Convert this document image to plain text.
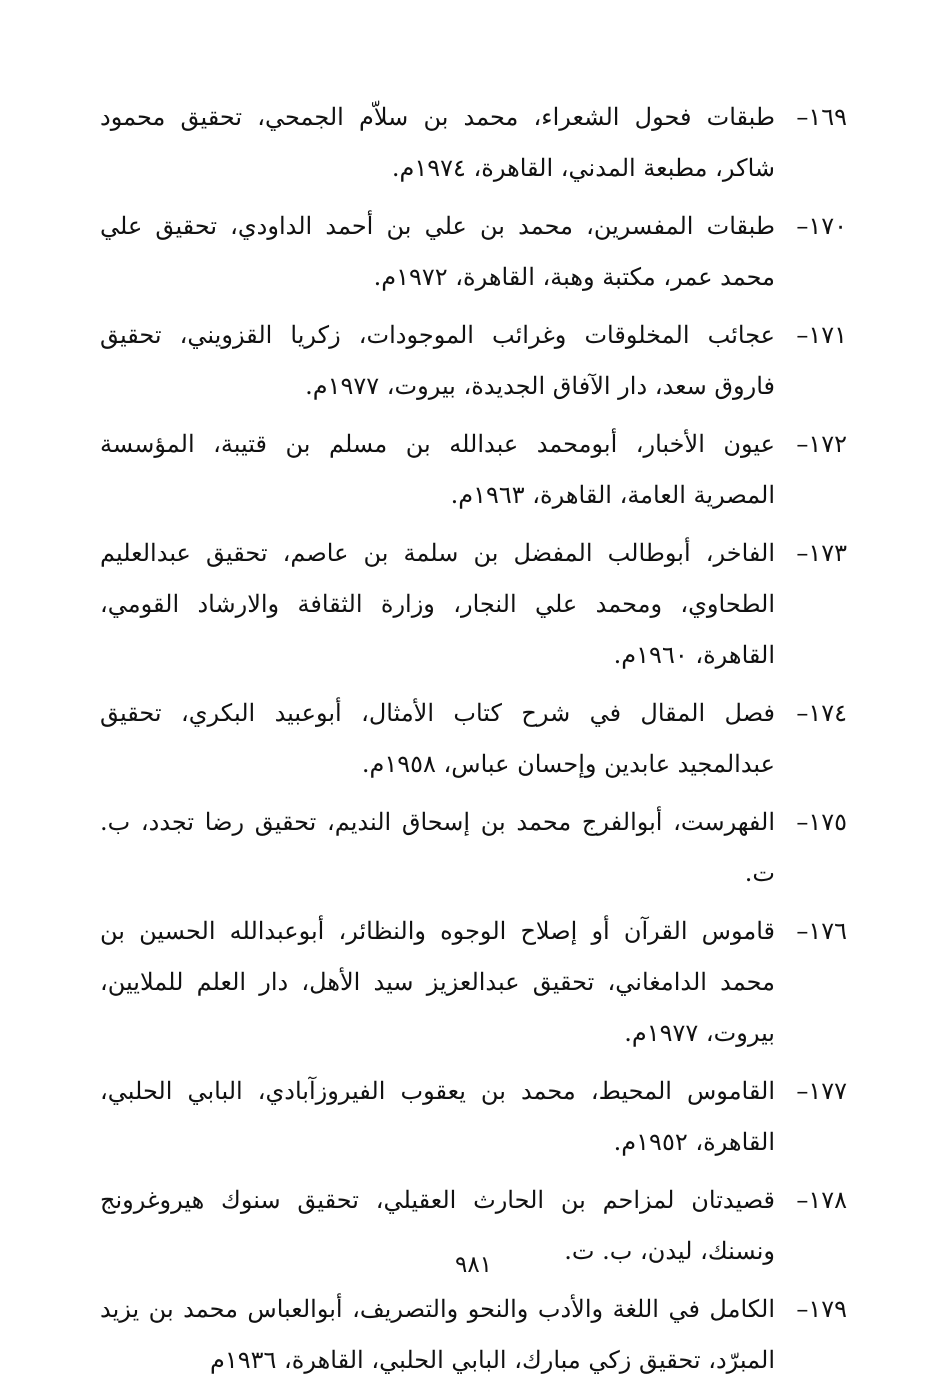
١٦٩–
طبقات فحول الشعراء، محمد بن سلاّم الجمحي، تحقيق محمود شاكر، مطبعة المدني، القاهرة، ١٩٧٤م.
١٧٠–
طبقات المفسرين، محمد بن علي بن أحمد الداودي، تحقيق علي محمد عمر، مكتبة وهبة، القاهرة، ١٩٧٢م.
١٧١–
عجائب المخلوقات وغرائب الموجودات، زكريا القزويني، تحقيق فاروق سعد، دار الآفاق الجديدة، بيروت، ١٩٧٧م.
١٧٢–
عيون الأخبار، أبومحمد عبدالله بن مسلم بن قتيبة، المؤسسة المصرية العامة، القاهرة، ١٩٦٣م.
١٧٣–
الفاخر، أبوطالب المفضل بن سلمة بن عاصم، تحقيق عبدالعليم الطحاوي، ومحمد علي النجار، وزارة الثقافة والارشاد القومي، القاهرة، ١٩٦٠م.
١٧٤–
فصل المقال في شرح كتاب الأمثال، أبوعبيد البكري، تحقيق عبدالمجيد عابدين وإحسان عباس، ١٩٥٨م.
١٧٥–
الفهرست، أبوالفرج محمد بن إسحاق النديم، تحقيق رضا تجدد، ب. ت.
١٧٦–
قاموس القرآن أو إصلاح الوجوه والنظائر، أبوعبدالله الحسين بن محمد الدامغاني، تحقيق عبدالعزيز سيد الأهل، دار العلم للملايين، بيروت، ١٩٧٧م.
١٧٧–
القاموس المحيط، محمد بن يعقوب الفيروزآبادي، البابي الحلبي، القاهرة، ١٩٥٢م.
١٧٨–
قصيدتان لمزاحم بن الحارث العقيلي، تحقيق سنوك هيروغرونج ونسنك، ليدن، ب. ت.
١٧٩–
الكامل في اللغة والأدب والنحو والتصريف، أبوالعباس محمد بن يزيد المبرّد، تحقيق زكي مبارك، البابي الحلبي، القاهرة، ١٩٣٦م
٩٨١
